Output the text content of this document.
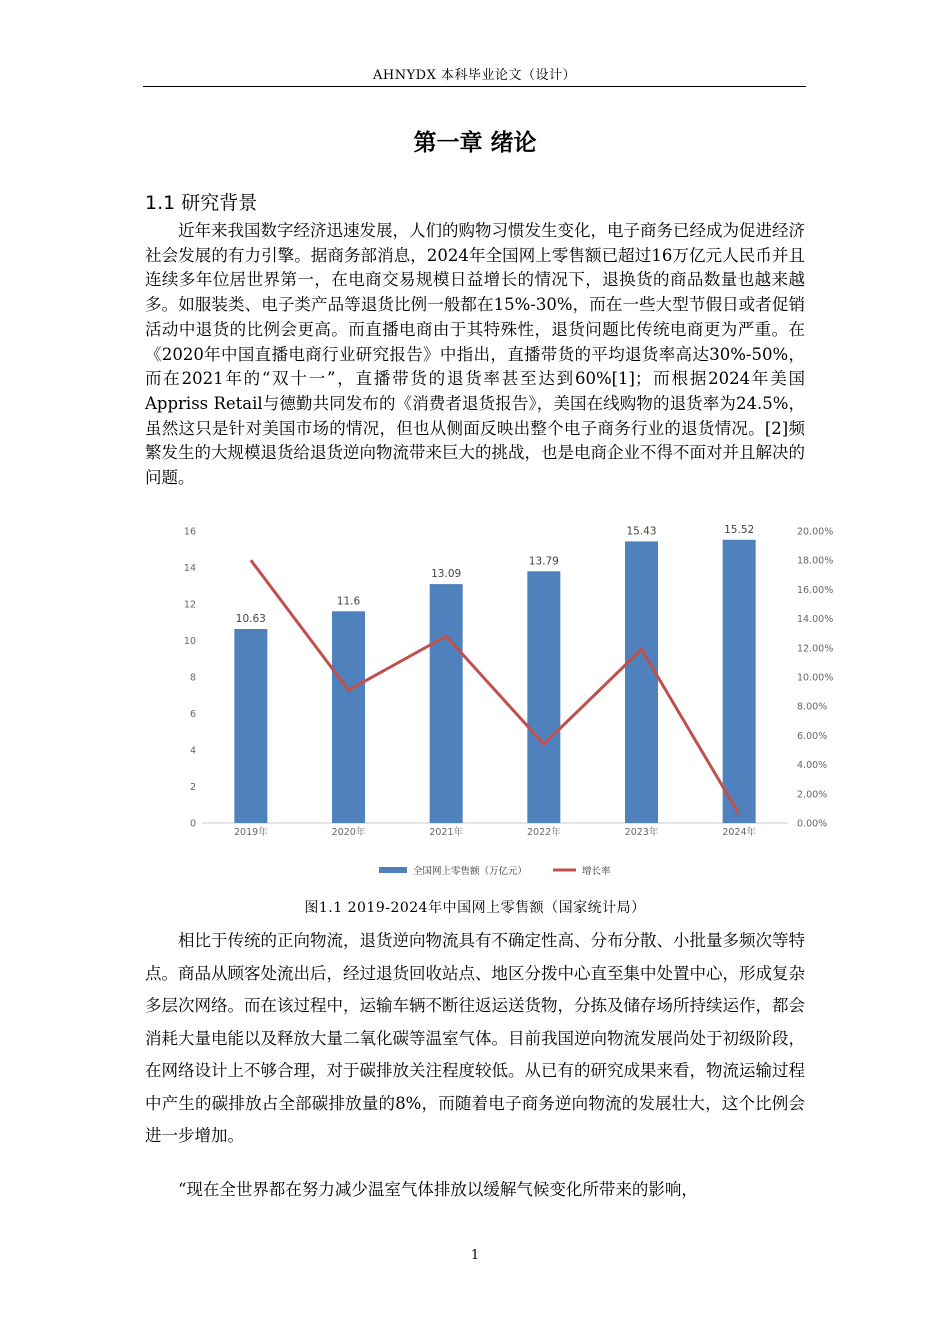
AHNYDX 本科毕业论文（设计）
第一章 绪论
1.1 研究背景

近年来我国数字经济迅速发展，人们的购物习惯发生变化，电子商务已经成为促进经济社会发展的有力引擎。据商务部消息，2024年全国网上零售额已超过16万亿元人民币并且连续多年位居世界第一，在电商交易规模日益增长的情况下，退换货的商品数量也越来越多。如服装类、电子类产品等退货比例一般都在15%-30%，而在一些大型节假日或者促销活动中退货的比例会更高。而直播电商由于其特殊性，退货问题比传统电商更为严重。在《2020年中国直播电商行业研究报告》中指出，直播带货的平均退货率高达30%-50%，而在2021年的“双十一”，直播带货的退货率甚至达到60%[1]；而根据2024年美国Appriss Retail与德勤共同发布的《消费者退货报告》，美国在线购物的退货率为24.5%，虽然这只是针对美国市场的情况，但也从侧面反映出整个电子商务行业的退货情况。[2]频繁发生的大规模退货给退货逆向物流带来巨大的挑战，也是电商企业不得不面对并且解决的问题。

0
2
4
6
8
10
12
14
16
0.00%
2.00%
4.00%
6.00%
8.00%
10.00%
12.00%
14.00%
16.00%
18.00%
20.00%
10.63
11.6
13.09
13.79
15.43	15.52
2019年	2020年	2021年	2022年	2023年	2024年
全国网上零售额（万亿元）	增长率
图1.1 2019-2024年中国网上零售额（国家统计局）

相比于传统的正向物流，退货逆向物流具有不确定性高、分布分散、小批量多频次等特点。商品从顾客处流出后，经过退货回收站点、地区分拨中心直至集中处置中心，形成复杂多层次网络。而在该过程中，运输车辆不断往返运送货物，分拣及储存场所持续运作，都会消耗大量电能以及释放大量二氧化碳等温室气体。目前我国逆向物流发展尚处于初级阶段，在网络设计上不够合理，对于碳排放关注程度较低。从已有的研究成果来看，物流运输过程中产生的碳排放占全部碳排放量的8%，而随着电子商务逆向物流的发展壮大，这个比例会进一步增加。

“现在全世界都在努力减少温室气体排放以缓解气候变化所带来的影响，

1
